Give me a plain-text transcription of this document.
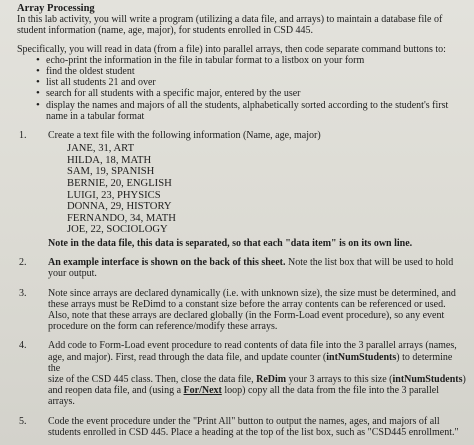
Array Processing

In this lab activity, you will write a program (utilizing a data file, and arrays) to maintain a database file of

student information (name, age, major), for students enrolled in CSD 445.

Specifically, you will read in data (from a file) into parallel arrays, then code separate command buttons to:

• echo-print the information in the file in tabular format to a listbox on your form
• find the oldest student
• list all students 21 and over
• search for all students with a specific major, entered by the user
• display the names and majors of all the students, alphabetically sorted according to the student's first

name in a tabular format

1. Create a text file with the following information (Name, age, major)

JANE, 31, ART

HILDA, 18, MATH

SAM, 19, SPANISH

BERNIE, 20, ENGLISH

LUIGI, 23, PHYSICS

DONNA, 29, HISTORY

FERNANDO, 34, MATH

JOE, 22, SOCIOLOGY

Note in the data file, this data is separated, so that each "data item" is on its own line.

2. An example interface is shown on the back of this sheet. Note the list box that will be used to hold

your output.

3. Note since arrays are declared dynamically (i.e. with unknown size), the size must be determined, and

these arrays must be ReDimd to a constant size before the array contents can be referenced or used.

Also, note that these arrays are declared globally (in the Form-Load event procedure), so any event

procedure on the form can reference/modify these arrays.

4. Add code to Form-Load event procedure to read contents of data file into the 3 parallel arrays (names,

age, and major). First, read through the data file, and update counter (intNumStudents) to determine the

size of the CSD 445 class. Then, close the data file, ReDim your 3 arrays to this size (intNumStudents)

and reopen data file, and (using a For/Next loop) copy all the data from the file into the 3 parallel arrays.

5. Code the event procedure under the "Print All" button to output the names, ages, and majors of all

students enrolled in CSD 445. Place a heading at the top of the list box, such as "CSD445 enrollment."
